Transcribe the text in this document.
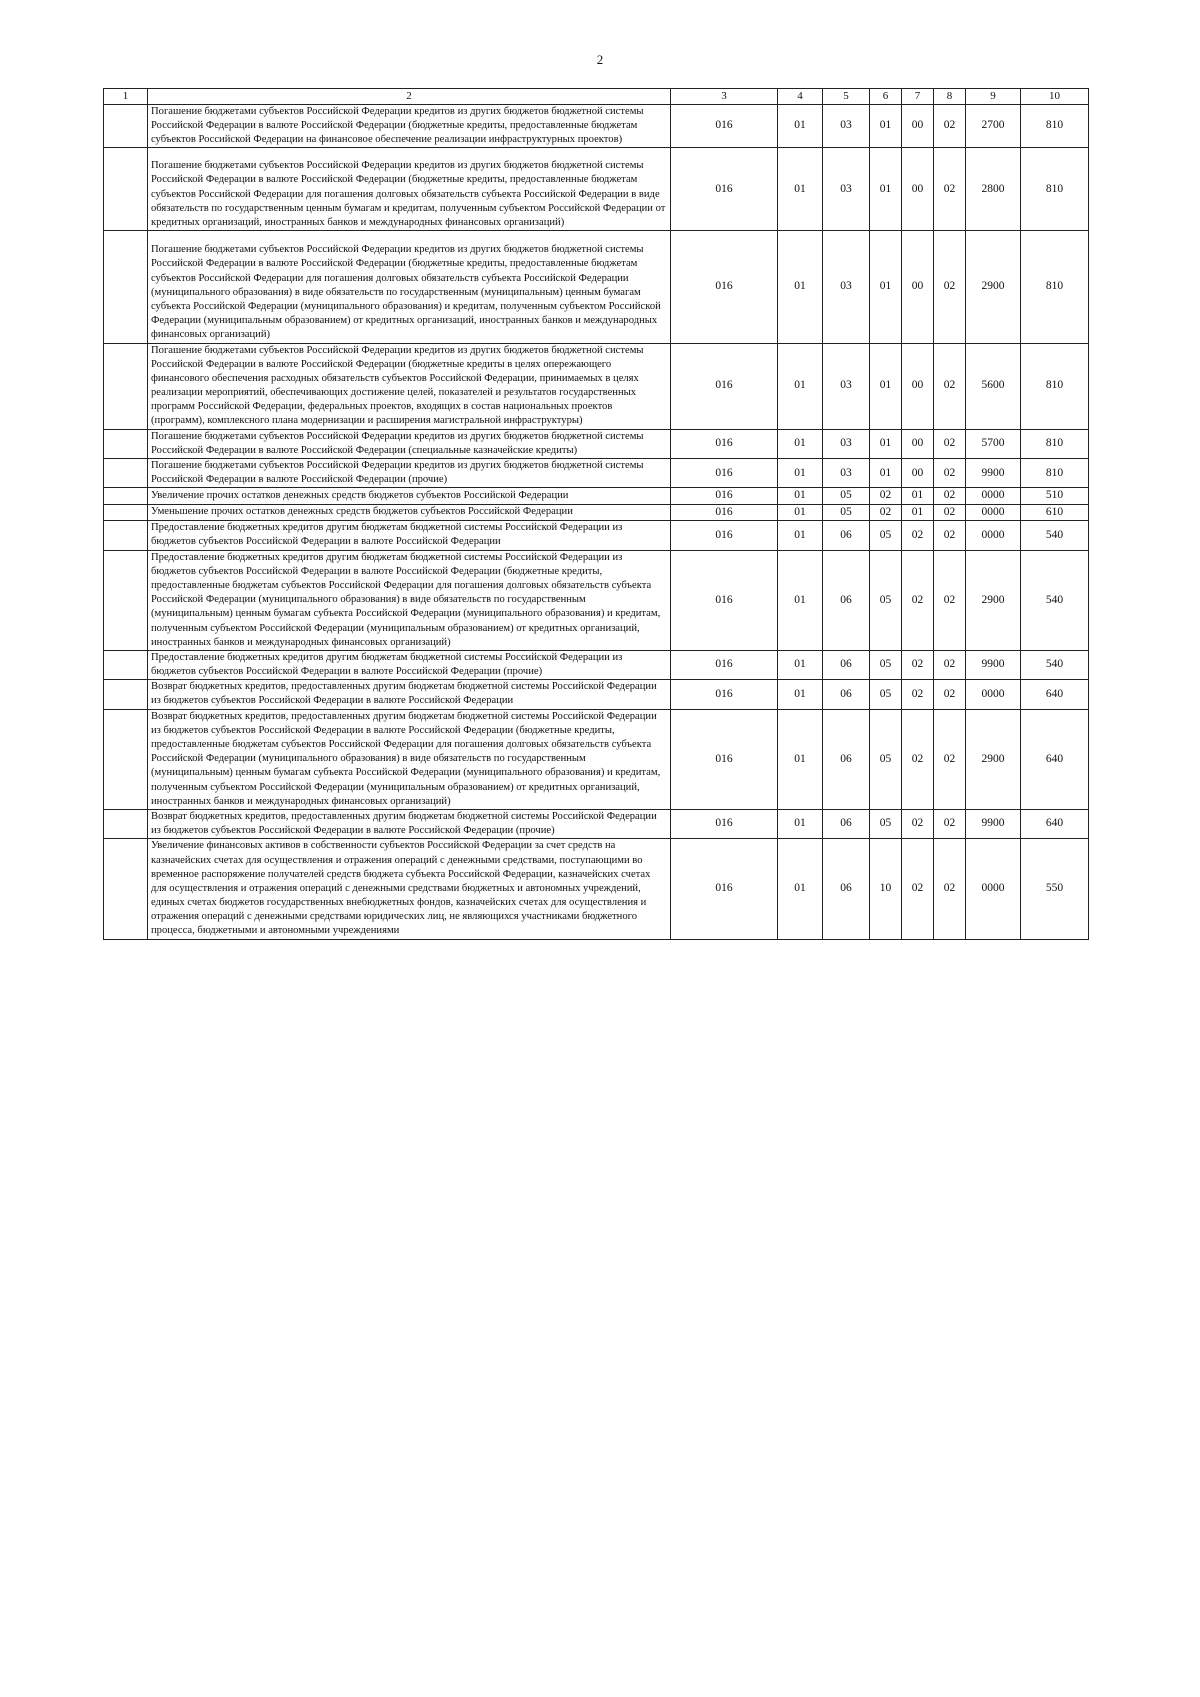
2
1	2	3	4	5	6	7	8	9	10
	Погашение бюджетами субъектов Российской Федерации кредитов из других бюджетов бюджетной системы Российской Федерации в валюте Российской Федерации (бюджетные кредиты, предоставленные бюджетам субъектов Российской Федерации на финансовое обеспечение реализации инфраструктурных проектов)	016	01	03	01	00	02	2700	810
	Погашение бюджетами субъектов Российской Федерации кредитов из других бюджетов бюджетной системы Российской Федерации в валюте Российской Федерации (бюджетные кредиты, предоставленные бюджетам субъектов Российской Федерации для погашения долговых обязательств субъекта Российской Федерации в виде обязательств по государственным ценным бумагам и кредитам, полученным субъектом Российской Федерации от кредитных организаций, иностранных банков и международных финансовых организаций)	016	01	03	01	00	02	2800	810
	Погашение бюджетами субъектов Российской Федерации кредитов из других бюджетов бюджетной системы Российской Федерации в валюте Российской Федерации (бюджетные кредиты, предоставленные бюджетам субъектов Российской Федерации для погашения долговых обязательств субъекта Российской Федерации (муниципального образования) в виде обязательств по государственным (муниципальным) ценным бумагам субъекта Российской Федерации (муниципального образования) и кредитам, полученным субъектом Российской Федерации (муниципальным образованием) от кредитных организаций, иностранных банков и международных финансовых организаций)	016	01	03	01	00	02	2900	810
	Погашение бюджетами субъектов Российской Федерации кредитов из других бюджетов бюджетной системы Российской Федерации в валюте Российской Федерации (бюджетные кредиты в целях опережающего финансового обеспечения расходных обязательств субъектов Российской Федерации, принимаемых в целях реализации мероприятий, обеспечивающих достижение целей, показателей и результатов государственных программ Российской Федерации, федеральных проектов, входящих в состав национальных проектов (программ), комплексного плана модернизации и расширения магистральной инфраструктуры)	016	01	03	01	00	02	5600	810
	Погашение бюджетами субъектов Российской Федерации кредитов из других бюджетов бюджетной системы Российской Федерации в валюте Российской Федерации (специальные казначейские кредиты)	016	01	03	01	00	02	5700	810
	Погашение бюджетами субъектов Российской Федерации кредитов из других бюджетов бюджетной системы Российской Федерации в валюте Российской Федерации (прочие)	016	01	03	01	00	02	9900	810
	Увеличение прочих остатков денежных средств бюджетов субъектов Российской Федерации	016	01	05	02	01	02	0000	510
	Уменьшение прочих остатков денежных средств бюджетов субъектов Российской Федерации	016	01	05	02	01	02	0000	610
	Предоставление бюджетных кредитов другим бюджетам бюджетной системы Российской Федерации из бюджетов субъектов Российской Федерации в валюте Российской Федерации	016	01	06	05	02	02	0000	540
	Предоставление бюджетных кредитов другим бюджетам бюджетной системы Российской Федерации из бюджетов субъектов Российской Федерации в валюте Российской Федерации (бюджетные кредиты, предоставленные бюджетам субъектов Российской Федерации для погашения долговых обязательств субъекта Российской Федерации (муниципального образования) в виде обязательств по государственным (муниципальным) ценным бумагам субъекта Российской Федерации (муниципального образования) и кредитам, полученным субъектом Российской Федерации (муниципальным образованием) от кредитных организаций, иностранных банков и международных финансовых организаций)	016	01	06	05	02	02	2900	540
	Предоставление бюджетных кредитов другим бюджетам бюджетной системы Российской Федерации из бюджетов субъектов Российской Федерации в валюте Российской Федерации (прочие)	016	01	06	05	02	02	9900	540
	Возврат бюджетных кредитов, предоставленных другим бюджетам бюджетной системы Российской Федерации из бюджетов субъектов Российской Федерации в валюте Российской Федерации	016	01	06	05	02	02	0000	640
	Возврат бюджетных кредитов, предоставленных другим бюджетам бюджетной системы Российской Федерации из бюджетов субъектов Российской Федерации в валюте Российской Федерации (бюджетные кредиты, предоставленные бюджетам субъектов Российской Федерации для погашения долговых обязательств субъекта Российской Федерации (муниципального образования) в виде обязательств по государственным (муниципальным) ценным бумагам субъекта Российской Федерации (муниципального образования) и кредитам, полученным субъектом Российской Федерации (муниципальным образованием) от кредитных организаций, иностранных банков и международных финансовых организаций)	016	01	06	05	02	02	2900	640
	Возврат бюджетных кредитов, предоставленных другим бюджетам бюджетной системы Российской Федерации из бюджетов субъектов Российской Федерации в валюте Российской Федерации (прочие)	016	01	06	05	02	02	9900	640
	Увеличение финансовых активов в собственности субъектов Российской Федерации за счет средств на казначейских счетах для осуществления и отражения операций с денежными средствами, поступающими во временное распоряжение получателей средств бюджета субъекта Российской Федерации, казначейских счетах для осуществления и отражения операций с денежными средствами бюджетных и автономных учреждений, единых счетах бюджетов государственных внебюджетных фондов, казначейских счетах для осуществления и отражения операций с денежными средствами юридических лиц, не являющихся участниками бюджетного процесса, бюджетными и автономными учреждениями	016	01	06	10	02	02	0000	550
